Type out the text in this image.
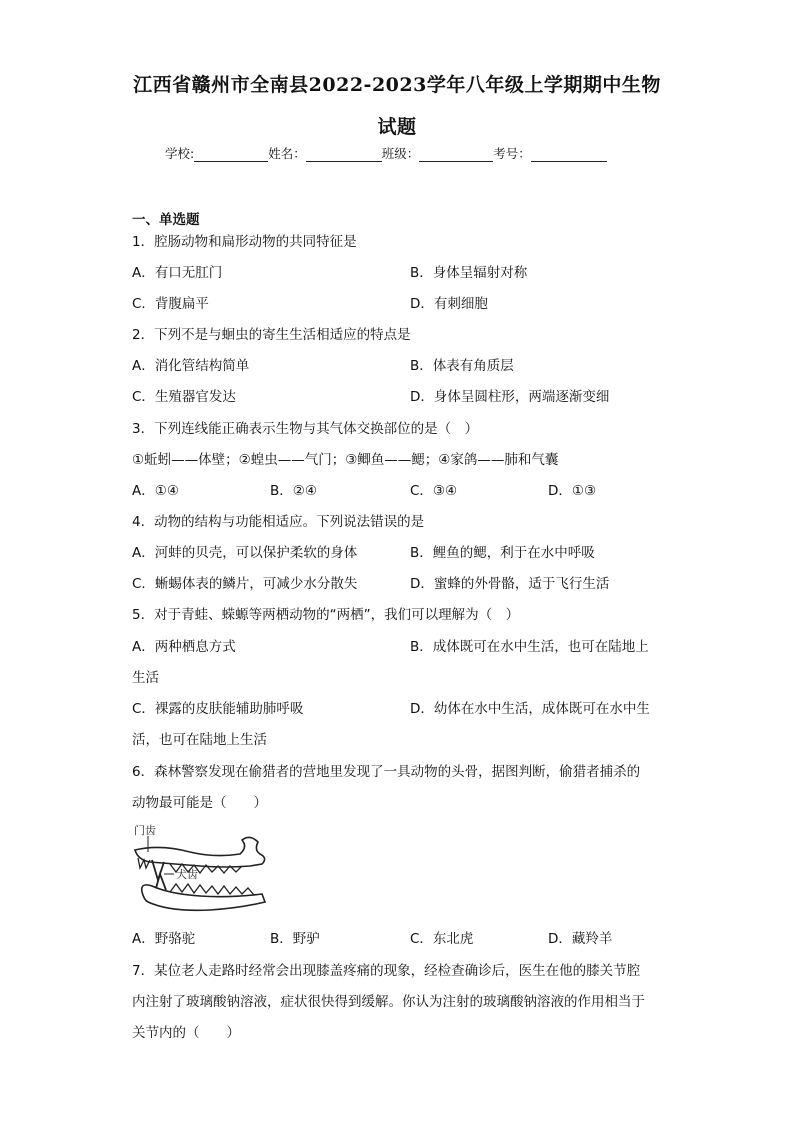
江西省赣州市全南县2022-2023学年八年级上学期期中生物
试题
学校:	姓名：	班级：	考号：
一、单选题
1．腔肠动物和扁形动物的共同特征是
A．有口无肛门	B．身体呈辐射对称
C．背腹扁平	D．有刺细胞
2．下列不是与蛔虫的寄生生活相适应的特点是
A．消化管结构简单	B．体表有角质层
C．生殖器官发达	D．身体呈圆柱形，两端逐渐变细
3．下列连线能正确表示生物与其气体交换部位的是（　）
①蚯蚓——体壁；②蝗虫——气门；③鲫鱼——鳃；④家鸽——肺和气囊
A．①④	B．②④	C．③④	D．①③
4．动物的结构与功能相适应。下列说法错误的是
A．河蚌的贝壳，可以保护柔软的身体	B．鲤鱼的鳃，利于在水中呼吸
C．蜥蜴体表的鳞片，可减少水分散失	D．蜜蜂的外骨骼，适于飞行生活
5．对于青蛙、蝾螈等两栖动物的“两栖”，我们可以理解为（　）
A．两种栖息方式	B．成体既可在水中生活，也可在陆地上
生活
C．裸露的皮肤能辅助肺呼吸	D．幼体在水中生活，成体既可在水中生
活，也可在陆地上生活
6．森林警察发现在偷猎者的营地里发现了一具动物的头骨，据图判断，偷猎者捕杀的
动物最可能是（　　）
门齿
犬齿
A．野骆驼	B．野驴	C．东北虎	D．藏羚羊
7．某位老人走路时经常会出现膝盖疼痛的现象，经检查确诊后，医生在他的膝关节腔
内注射了玻璃酸钠溶液，症状很快得到缓解。你认为注射的玻璃酸钠溶液的作用相当于
关节内的（　　）
